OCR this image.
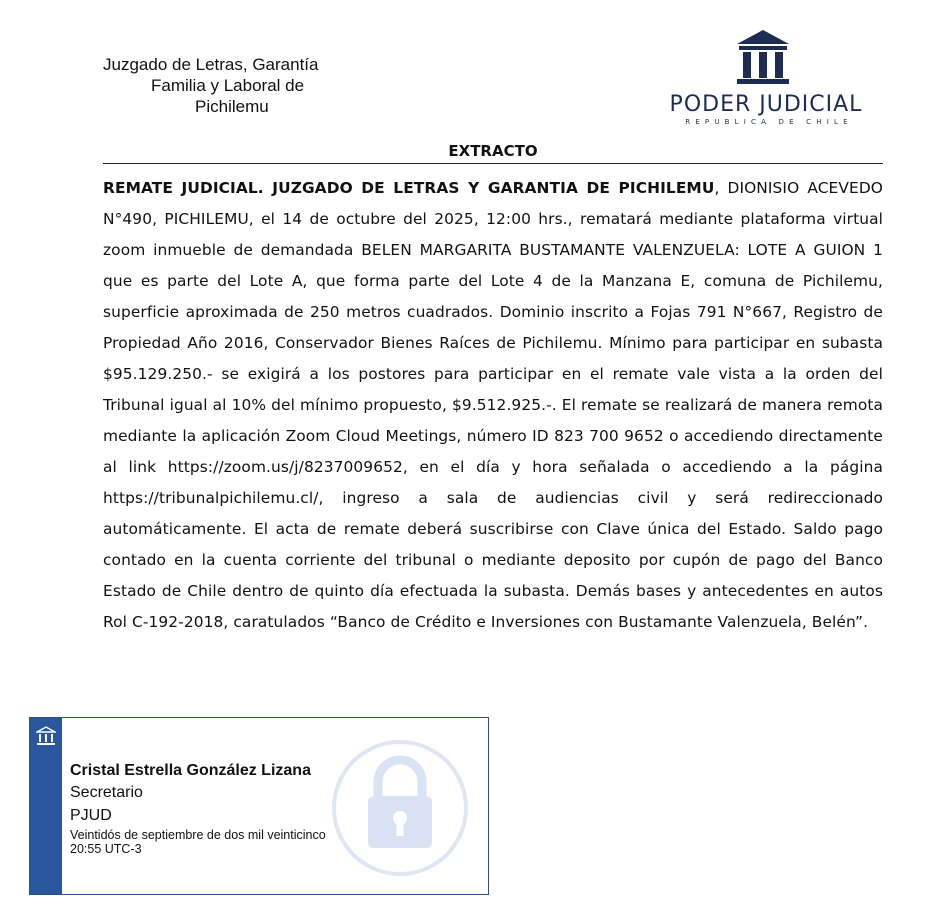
Juzgado de Letras, Garantía
Familia y Laboral de
Pichilemu	PODER JUDICIAL
REPUBLICA DE CHILE
EXTRACTO
REMATE JUDICIAL. JUZGADO DE LETRAS Y GARANTIA DE PICHILEMU, DIONISIO ACEVEDO N°490, PICHILEMU, el 14 de octubre del 2025, 12:00 hrs., rematará mediante plataforma virtual zoom inmueble de demandada BELEN MARGARITA BUSTAMANTE VALENZUELA: LOTE A GUION 1 que es parte del Lote A, que forma parte del Lote 4 de la Manzana E, comuna de Pichilemu, superficie aproximada de 250 metros cuadrados. Dominio inscrito a Fojas 791 N°667, Registro de Propiedad Año 2016, Conservador Bienes Raíces de Pichilemu. Mínimo para participar en subasta $95.129.250.- se exigirá a los postores para participar en el remate vale vista a la orden del Tribunal igual al 10% del mínimo propuesto, $9.512.925.-. El remate se realizará de manera remota mediante la aplicación Zoom Cloud Meetings, número ID 823 700 9652 o accediendo directamente al link https://zoom.us/j/8237009652, en el día y hora señalada o accediendo a la página https://tribunalpichilemu.cl/, ingreso a sala de audiencias civil y será redireccionado automáticamente. El acta de remate deberá suscribirse con Clave única del Estado. Saldo pago contado en la cuenta corriente del tribunal o mediante deposito por cupón de pago del Banco Estado de Chile dentro de quinto día efectuada la subasta. Demás bases y antecedentes en autos Rol C-192-2018, caratulados “Banco de Crédito e Inversiones con Bustamante Valenzuela, Belén”.
Cristal Estrella González Lizana
Secretario
PJUD
Veintidós de septiembre de dos mil veinticinco
20:55 UTC-3
